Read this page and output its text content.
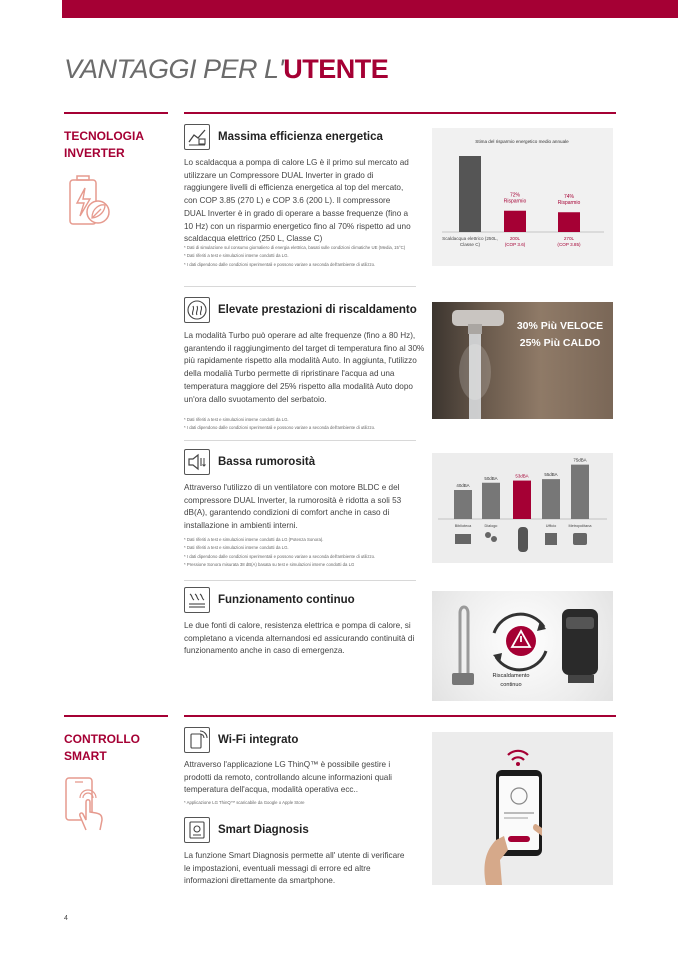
VANTAGGI PER L'UTENTE
TECNOLOGIA
INVERTER
CONTROLLO
SMART
Massima efficienza energetica
Lo scaldacqua a pompa di calore LG è il primo sul mercato ad utilizzare un Compressore DUAL Inverter in grado di raggiungere livelli di efficienza energetica al top del mercato, con COP 3.85 (270 L) e COP 3.6 (200 L). Il compressore DUAL Inverter è in grado di operare a basse frequenze (fino a 10 Hz) con un risparmio energetico fino al 70% rispetto ad uno scaldacqua elettrico (250 L, Classe C)
* Dati di simulazione sul consumo giornaliero di energia elettrica, basati sulle condizioni climatiche UE (Media, 15°C)
* Dati riferiti a test e simulazioni interne condotti da LG.
* I dati dipendono dalle condizioni sperimentali e possono variare a seconda dell'ambiente di utilizzo.
Stima del risparmio energetico medio annuale
72%
Risparmio
74%
Risparmio
Scaldacqua elettrico (250L,
Classe C)
200L
(COP 3.6)
270L
(COP 3.85)
Elevate prestazioni di riscaldamento
La modalità Turbo può operare ad alte frequenze (fino a 80 Hz), garantendo il raggiungimento del target di temperatura fino al 30% più rapidamente rispetto alla modalità Auto. In aggiunta, l'utilizzo della modalià Turbo permette di ripristinare l'acqua ad una temperatura maggiore del 25% rispetto alla modalità Auto dopo un'ora dallo svuotamento del serbatoio.
* Dati riferiti a test e simulazioni interne condotti da LG.
* I dati dipendono dalle condizioni sperimentali e possono variare a seconda dell'ambiente di utilizzo.
30% Più VELOCE
25% Più CALDO
Bassa rumorosità
Attraverso l'utilizzo di un ventilatore con motore BLDC e del compressore DUAL Inverter, la rumorosità è ridotta a soli 53 dB(A), garantendo condizioni di comfort anche in caso di installazione in ambienti interni.
* Dati riferiti a test e simulazioni interne condotti da LG (Potenza Sonora).
* Dati riferiti a test e simulazioni interne condotti da LG.
* I dati dipendono dalle condizioni sperimentali e possono variare a seconda dell'ambiente di utilizzo.
* Pressione Sonora misurata 38 dB(A) basata su test e simulazioni interne condotti da LG
40dBA
Biblioteca
50dBA
Dialogo
53dBA	55dBA
Ufficio
75dBA
Metropolitana
Funzionamento continuo
Le due fonti di calore, resistenza elettrica e pompa di calore, si completano a vicenda alternandosi ed assicurando continuità di funzionamento anche in caso di emergenza.
Riscaldamento
continuo
Wi-Fi integrato
Attraverso l'applicazione LG ThinQ™ è possibile gestire i prodotti da remoto, controllando alcune informazioni quali temperatura dell'acqua, modalità operativa ecc..
* Applicazione LG ThinQ™ scaricabile da Google o Apple Store
Smart Diagnosis
La funzione Smart Diagnosis permette all' utente di verificare le impostazioni, eventuali messagi di errore ed altre informazioni direttamente da smartphone.
4
